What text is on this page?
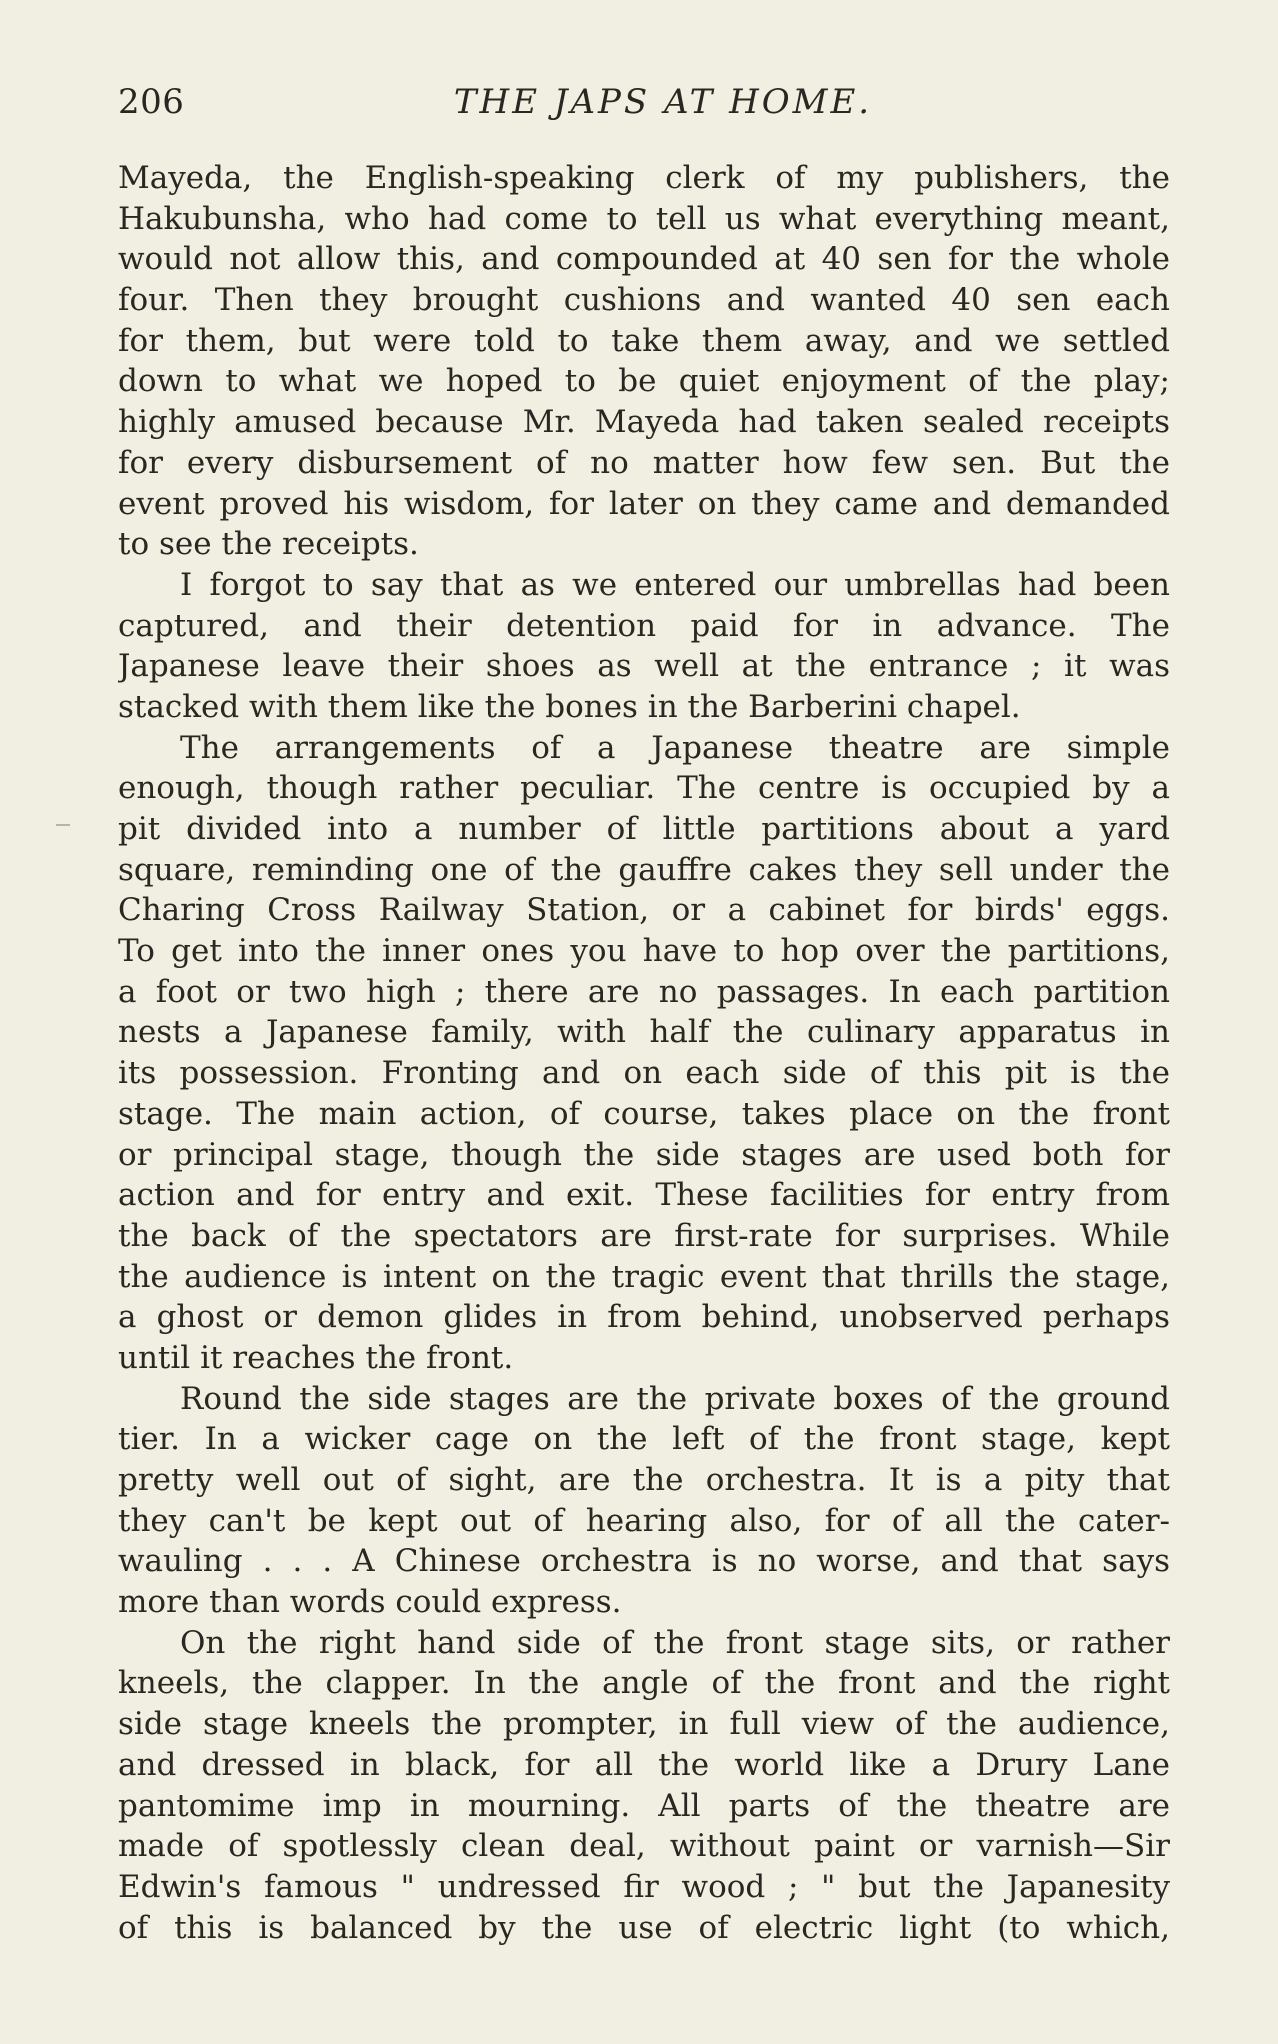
206	THE JAPS AT HOME.
Mayeda, the English-speaking clerk of my publishers, the
Hakubunsha, who had come to tell us what everything meant,
would not allow this, and compounded at 40 sen for the whole
four. Then they brought cushions and wanted 40 sen each
for them, but were told to take them away, and we settled
down to what we hoped to be quiet enjoyment of the play;
highly amused because Mr. Mayeda had taken sealed receipts
for every disbursement of no matter how few sen. But the
event proved his wisdom, for later on they came and demanded
to see the receipts.
I forgot to say that as we entered our umbrellas had been
captured, and their detention paid for in advance. The
Japanese leave their shoes as well at the entrance ; it was
stacked with them like the bones in the Barberini chapel.
The arrangements of a Japanese theatre are simple
enough, though rather peculiar. The centre is occupied by a
pit divided into a number of little partitions about a yard
square, reminding one of the gauffre cakes they sell under the
Charing Cross Railway Station, or a cabinet for birds' eggs.
To get into the inner ones you have to hop over the partitions,
a foot or two high ; there are no passages. In each partition
nests a Japanese family, with half the culinary apparatus in
its possession. Fronting and on each side of this pit is the
stage. The main action, of course, takes place on the front
or principal stage, though the side stages are used both for
action and for entry and exit. These facilities for entry from
the back of the spectators are first-rate for surprises. While
the audience is intent on the tragic event that thrills the stage,
a ghost or demon glides in from behind, unobserved perhaps
until it reaches the front.
Round the side stages are the private boxes of the ground
tier. In a wicker cage on the left of the front stage, kept
pretty well out of sight, are the orchestra. It is a pity that
they can't be kept out of hearing also, for of all the cater-
wauling . . . A Chinese orchestra is no worse, and that says
more than words could express.
On the right hand side of the front stage sits, or rather
kneels, the clapper. In the angle of the front and the right
side stage kneels the prompter, in full view of the audience,
and dressed in black, for all the world like a Drury Lane
pantomime imp in mourning. All parts of the theatre are
made of spotlessly clean deal, without paint or varnish—Sir
Edwin's famous " undressed fir wood ; " but the Japanesity
of this is balanced by the use of electric light (to which,
